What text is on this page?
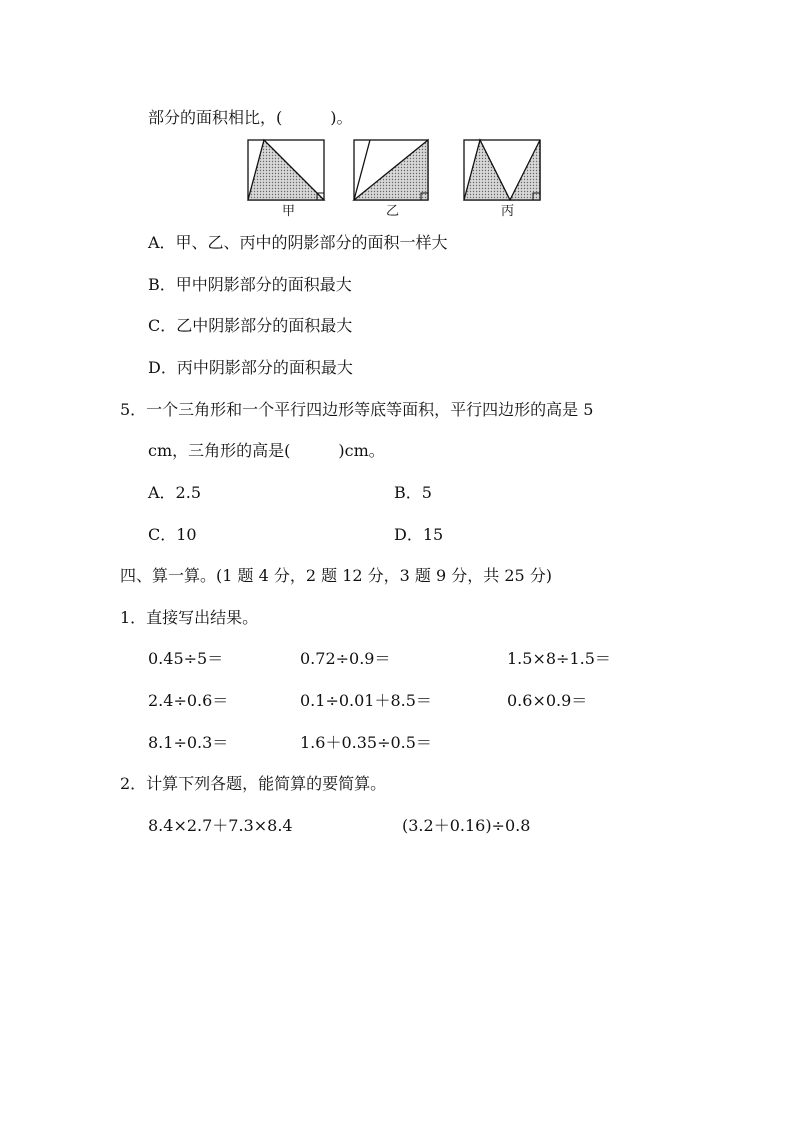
部分的面积相比，(　　　)。
甲	乙	丙
A．甲、乙、丙中的阴影部分的面积一样大
B．甲中阴影部分的面积最大
C．乙中阴影部分的面积最大
D．丙中阴影部分的面积最大
5．一个三角形和一个平行四边形等底等面积，平行四边形的高是 5
cm，三角形的高是(　　　)cm。
A．2.5	B．5
C．10	D．15
四、算一算。(1 题 4 分，2 题 12 分，3 题 9 分，共 25 分)
1．直接写出结果。
0.45÷5＝	0.72÷0.9＝	1.5×8÷1.5＝
2.4÷0.6＝	0.1÷0.01＋8.5＝	0.6×0.9＝
8.1÷0.3＝	1.6＋0.35÷0.5＝
2．计算下列各题，能简算的要简算。
8.4×2.7＋7.3×8.4	(3.2＋0.16)÷0.8
